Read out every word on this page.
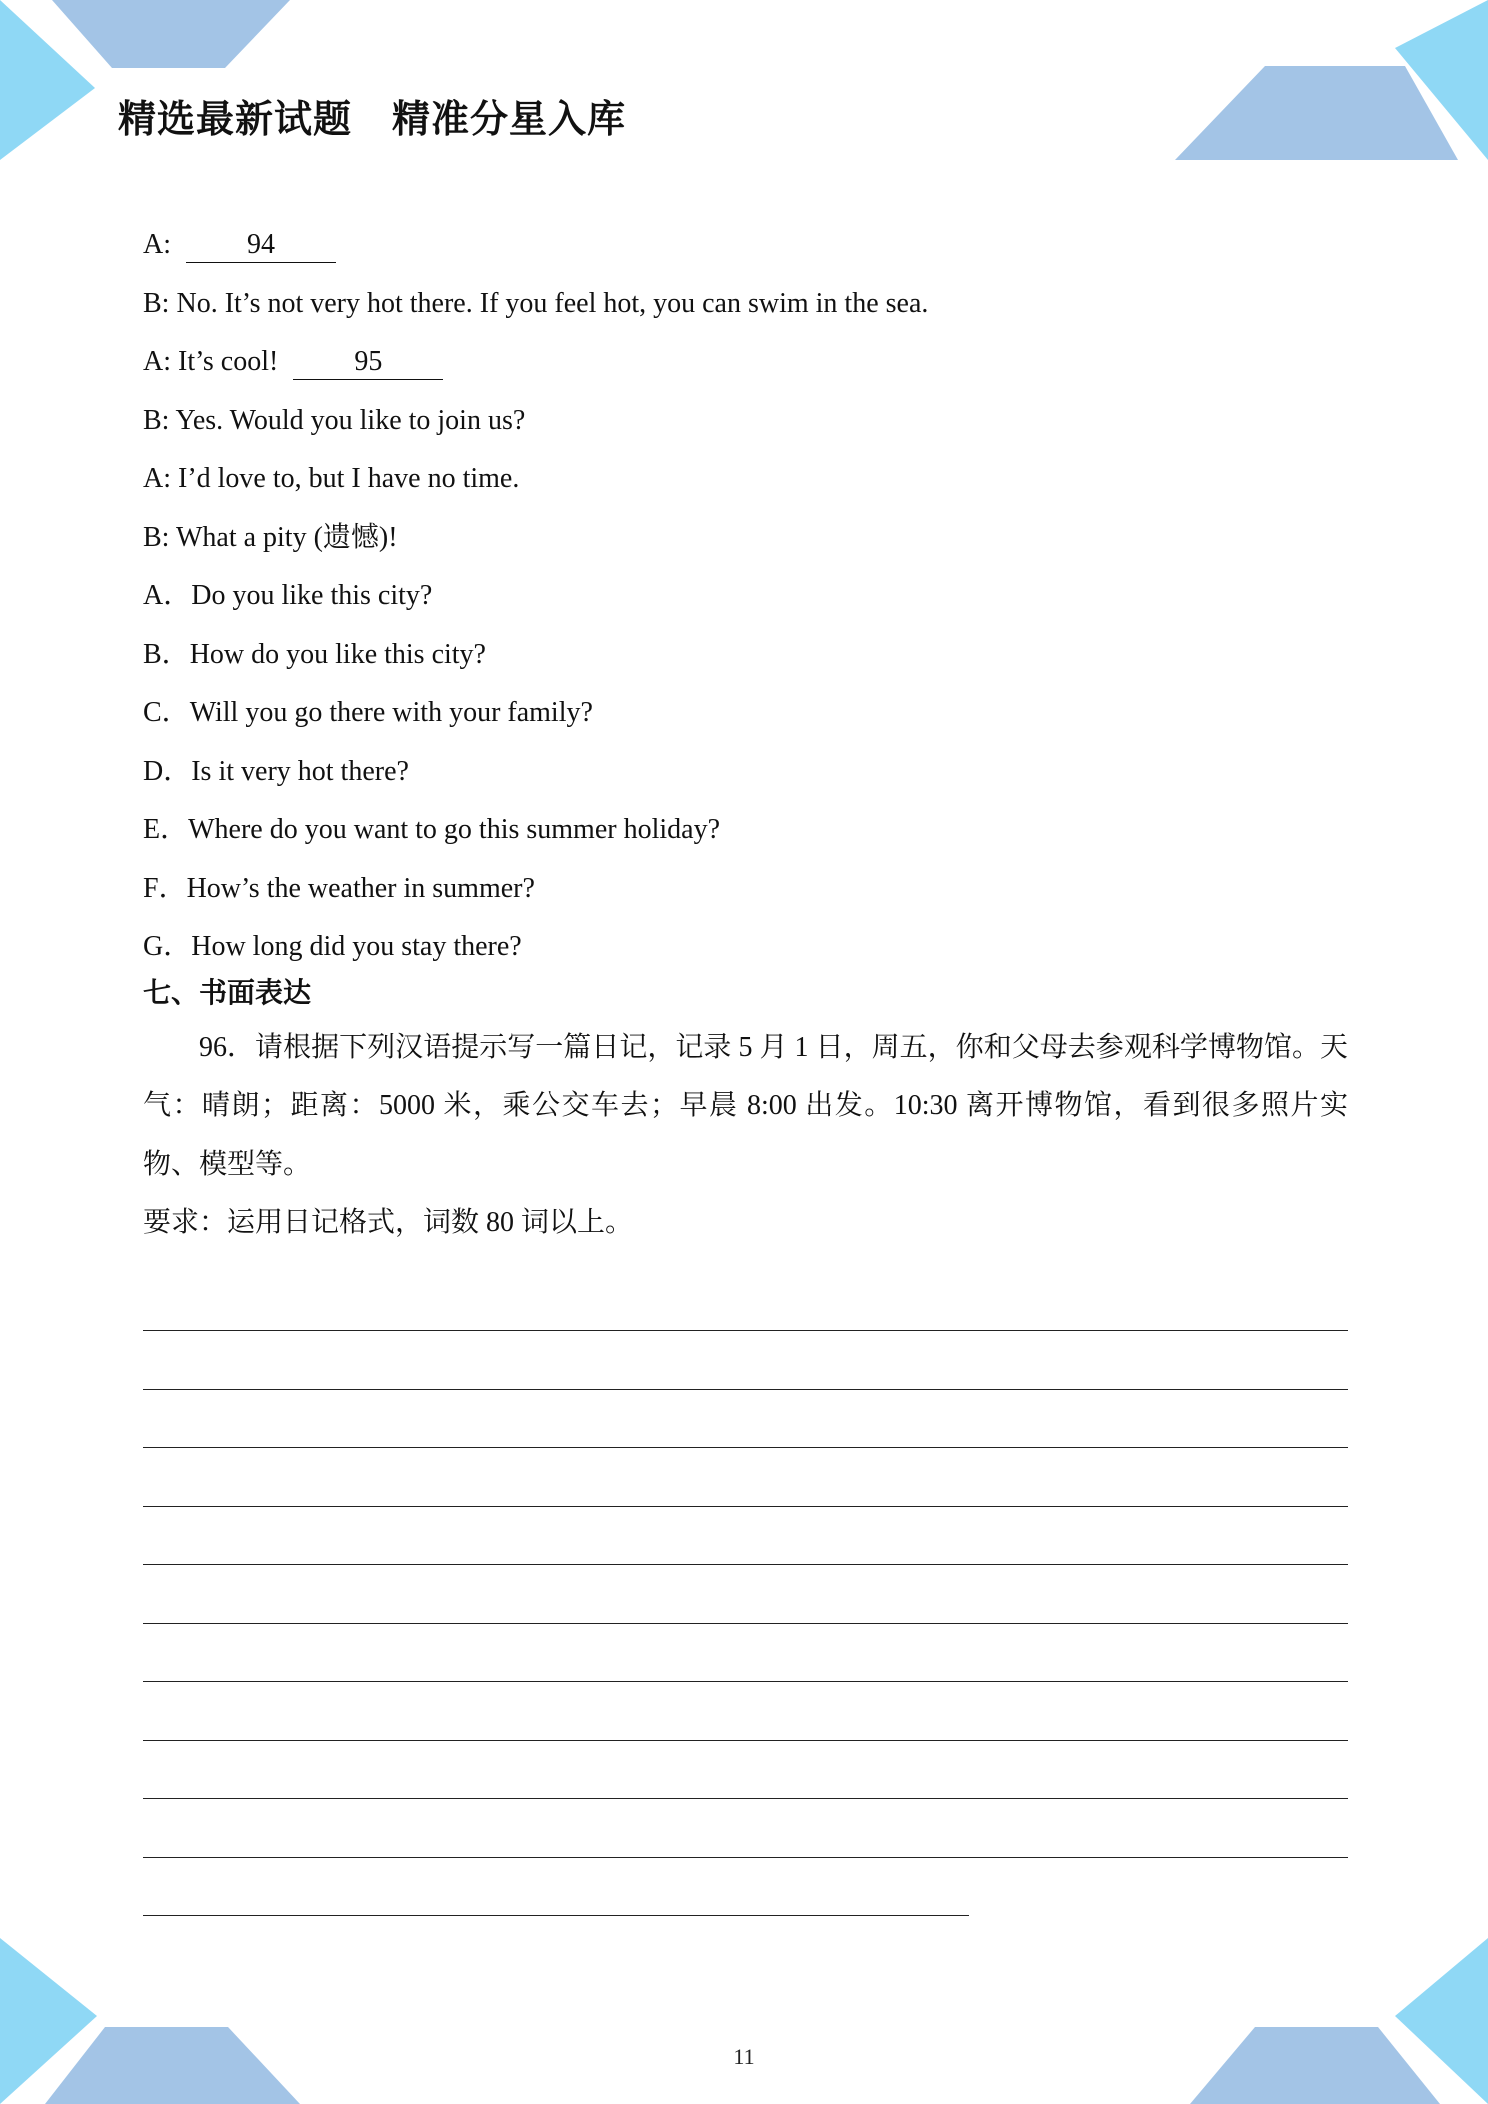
精选最新试题 精准分星入库
A:	94
B: No. It’s not very hot there. If you feel hot, you can swim in the sea.
A: It’s cool!	95
B: Yes. Would you like to join us?
A: I’d love to, but I have no time.
B: What a pity (遗憾)!
A．Do you like this city?
B．How do you like this city?
C．Will you go there with your family?
D．Is it very hot there?
E．Where do you want to go this summer holiday?
F．How’s the weather in summer?
G．How long did you stay there?
七、书面表达
96．请根据下列汉语提示写一篇日记，记录 5 月 1 日，周五，你和父母去参观科学博物馆。天气：晴朗；距离：5000 米，乘公交车去；早晨 8:00 出发。10:30 离开博物馆，看到很多照片实物、模型等。
要求：运用日记格式，词数 80 词以上。
11
